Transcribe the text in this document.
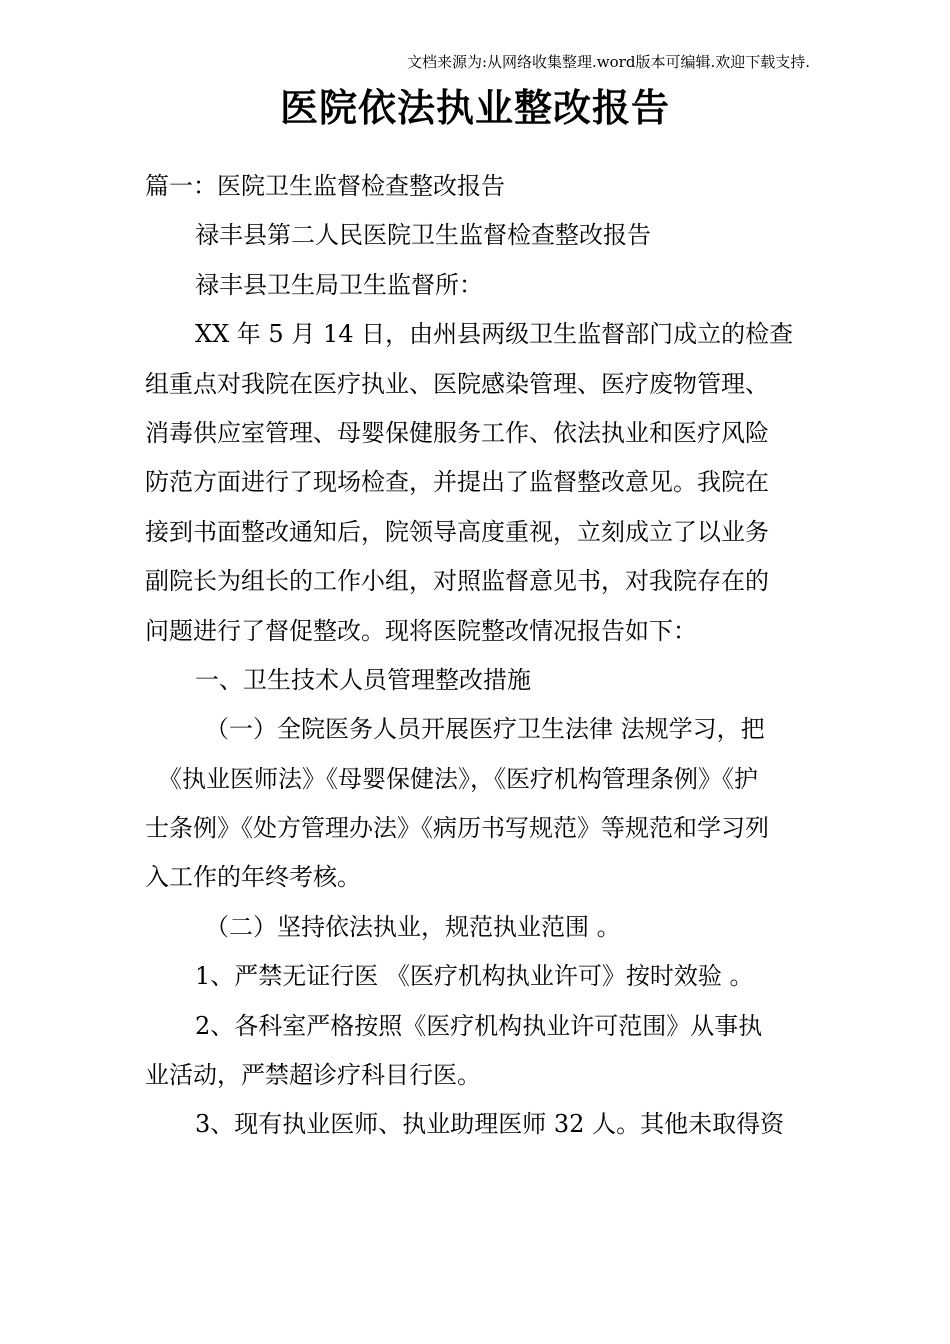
文档来源为:从网络收集整理.word版本可编辑.欢迎下载支持.
医院依法执业整改报告
篇一：医院卫生监督检查整改报告
禄丰县第二人民医院卫生监督检查整改报告
禄丰县卫生局卫生监督所：
XX 年 5 月 14 日，由州县两级卫生监督部门成立的检查
组重点对我院在医疗执业、医院感染管理、医疗废物管理、
消毒供应室管理、母婴保健服务工作、依法执业和医疗风险
防范方面进行了现场检查，并提出了监督整改意见。我院在
接到书面整改通知后，院领导高度重视，立刻成立了以业务
副院长为组长的工作小组，对照监督意见书，对我院存在的
问题进行了督促整改。现将医院整改情况报告如下：
一、卫生技术人员管理整改措施
（一）全院医务人员开展医疗卫生法律 法规学习，把
《执业医师法》《母婴保健法》，《医疗机构管理条例》《护
士条例》《处方管理办法》《病历书写规范》等规范和学习列
入工作的年终考核。
（二）坚持依法执业，规范执业范围 。
1、严禁无证行医 《医疗机构执业许可》按时效验 。
2、各科室严格按照《医疗机构执业许可范围》从事执
业活动，严禁超诊疗科目行医。
3、现有执业医师、执业助理医师 32 人。其他未取得资
